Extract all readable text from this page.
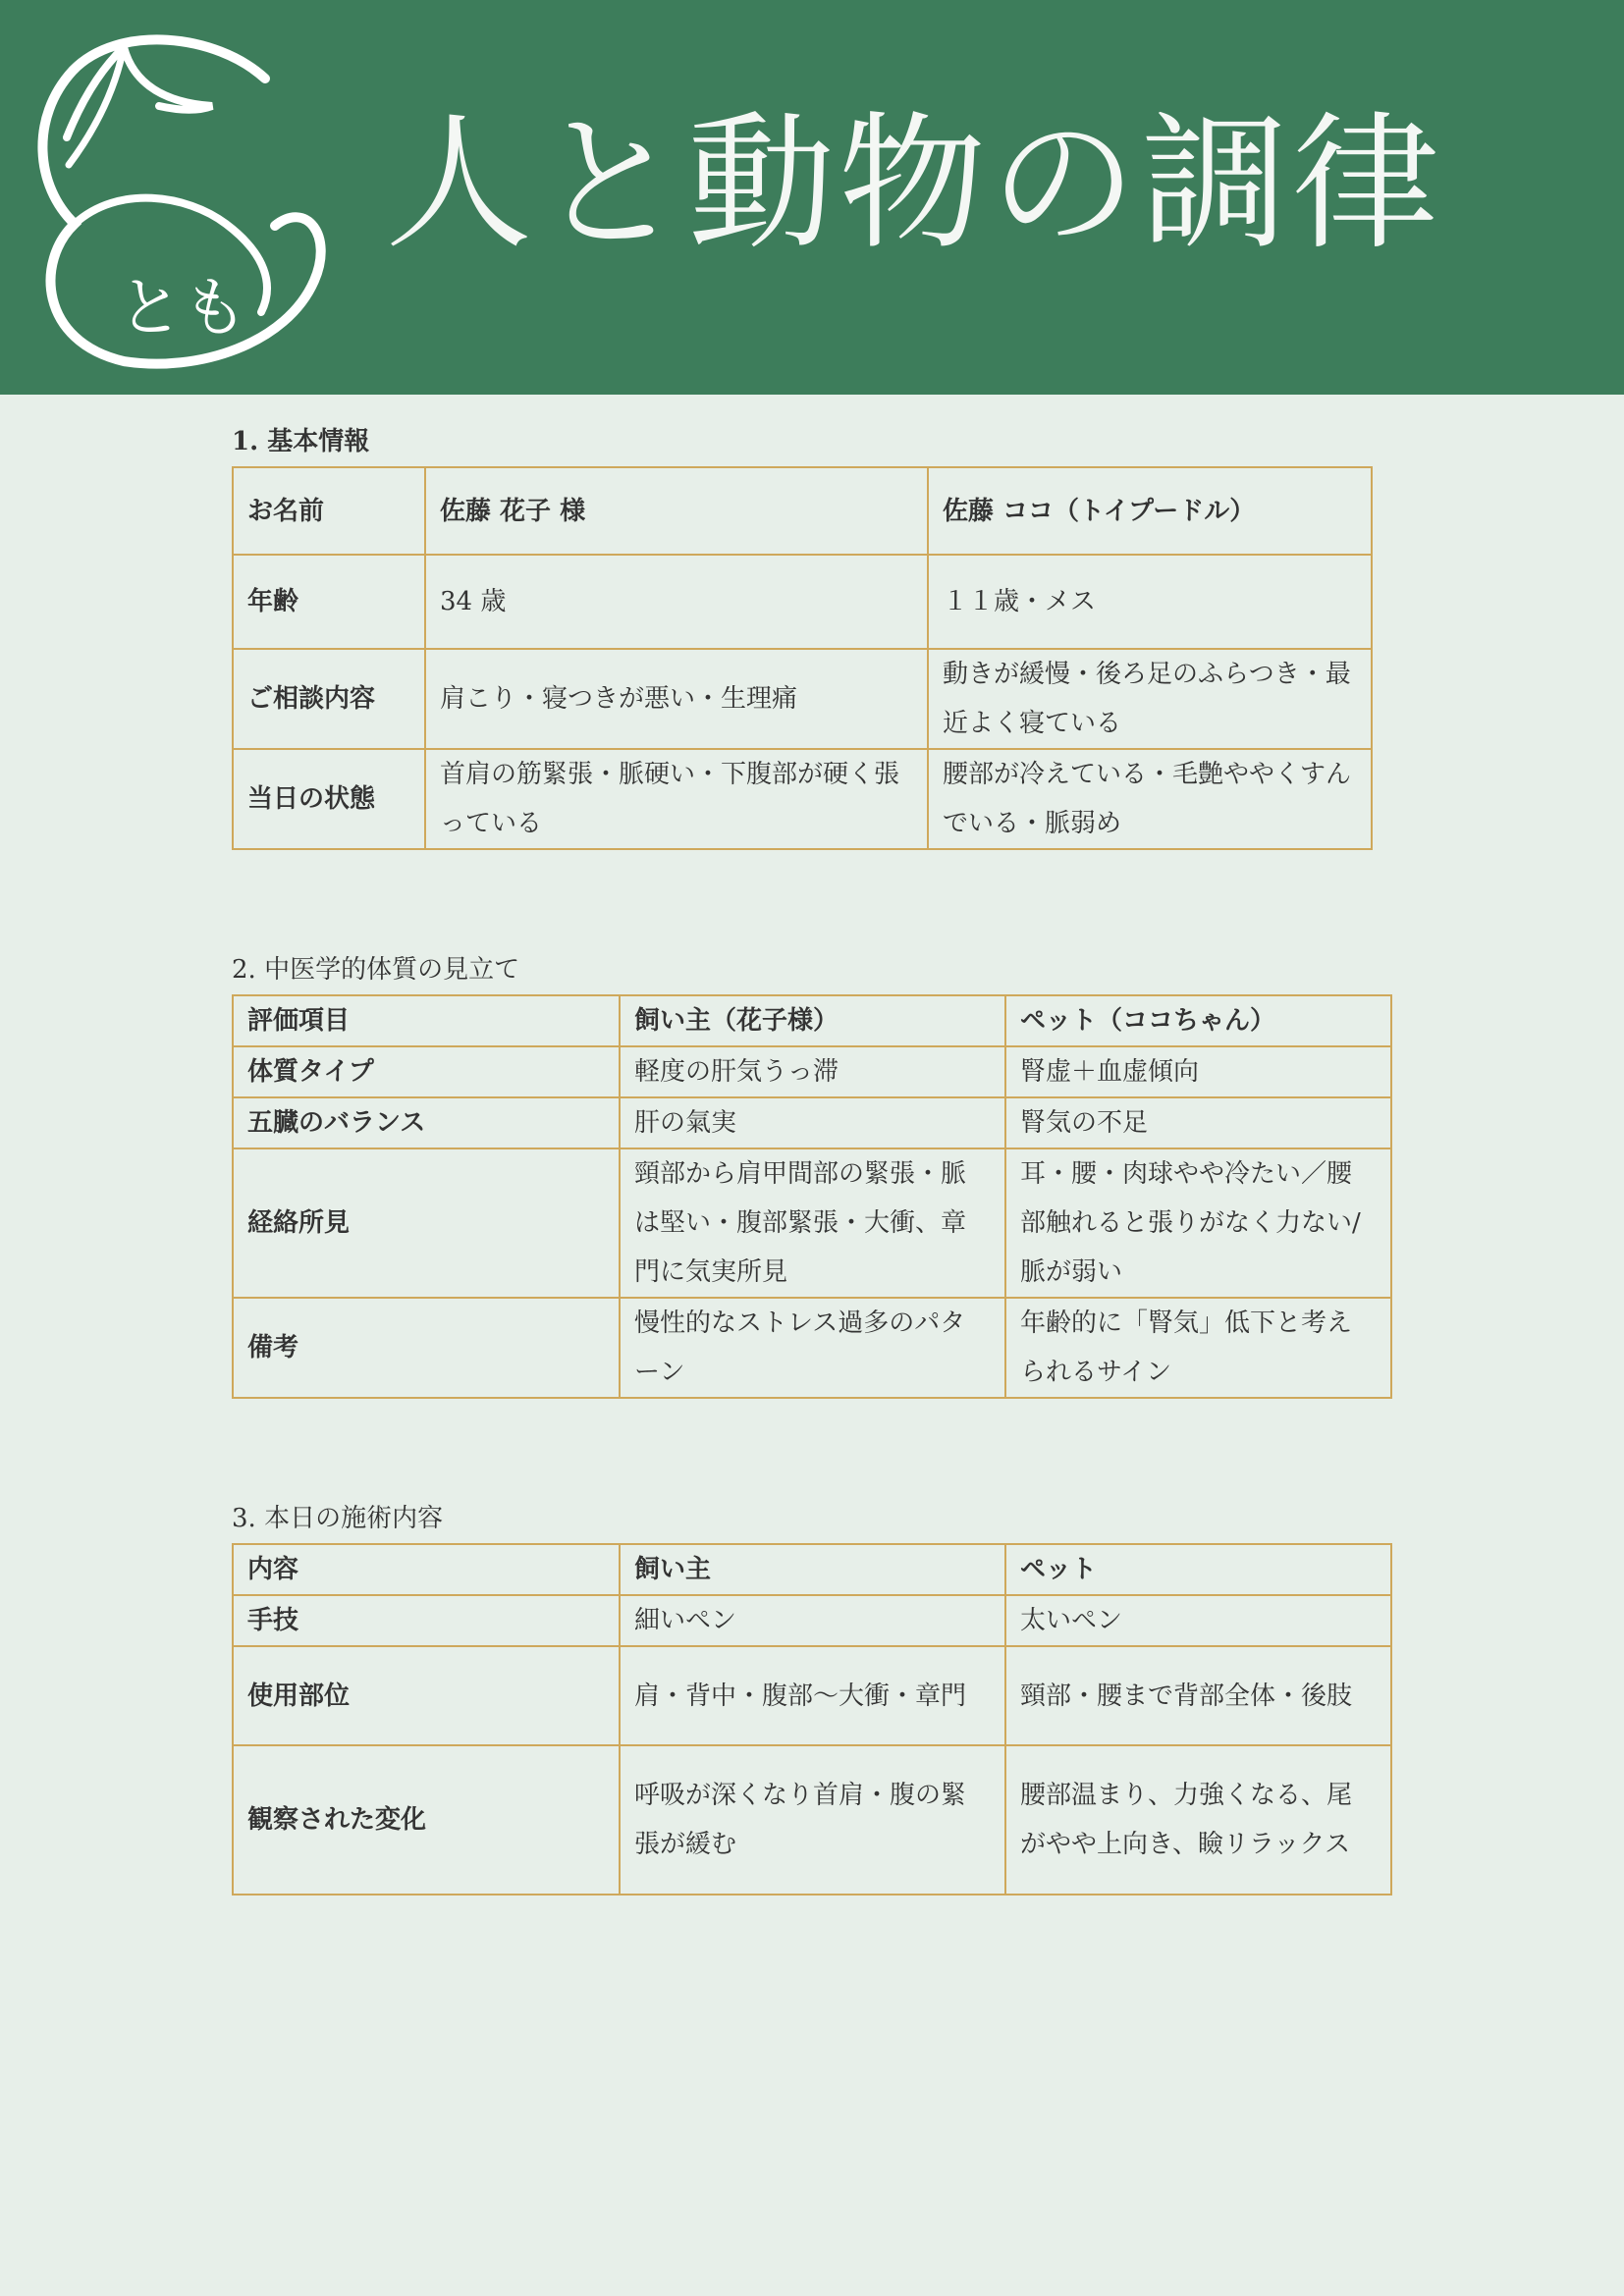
とも
人と動物の調律
1. 基本情報
お名前	佐藤 花子 様	佐藤 ココ（トイプードル）
年齢	34 歳	１１歳・メス
ご相談内容	肩こり・寝つきが悪い・生理痛	動きが緩慢・後ろ足のふらつき・最近よく寝ている
当日の状態	首肩の筋緊張・脈硬い・下腹部が硬く張っている	腰部が冷えている・毛艶ややくすんでいる・脈弱め
2. 中医学的体質の見立て
評価項目	飼い主（花子様）	ペット（ココちゃん）
体質タイプ	軽度の肝気うっ滞	腎虚＋血虚傾向
五臓のバランス	肝の氣実	腎気の不足
経絡所見	頸部から肩甲間部の緊張・脈は堅い・腹部緊張・大衝、章門に気実所見	耳・腰・肉球やや冷たい／腰部触れると張りがなく力ない/脈が弱い
備考	慢性的なストレス過多のパターン	年齢的に「腎気」低下と考えられるサイン
3. 本日の施術内容
内容	飼い主	ペット
手技	細いペン	太いペン
使用部位	肩・背中・腹部～大衝・章門	頸部・腰まで背部全体・後肢
観察された変化	呼吸が深くなり首肩・腹の緊張が緩む	腰部温まり、力強くなる、尾がやや上向き、瞼リラックス
